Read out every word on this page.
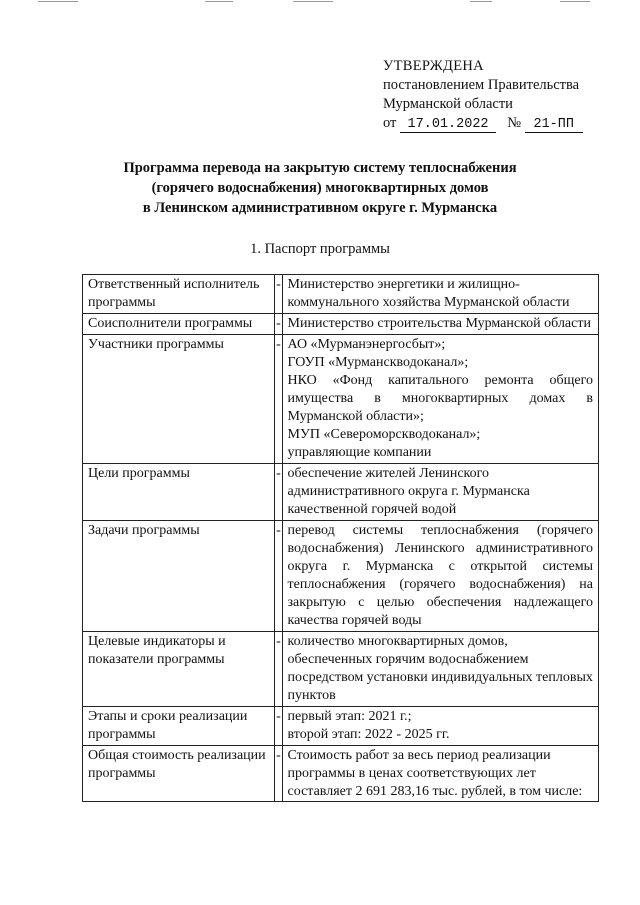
УТВЕРЖДЕНА
постановлением Правительства
Мурманской области
от 17.01.2022 № 21-ПП
Программа перевода на закрытую систему теплоснабжения
(горячего водоснабжения) многоквартирных домов
в Ленинском административном округе г. Мурманска
1. Паспорт программы
Ответственный исполнитель программы	-	Министерство энергетики и жилищно-коммунального хозяйства Мурманской области

Соисполнители программы	-	Министерство строительства Мурманской области

Участники программы	-	АО «Мурманэнергосбыт»;
ГОУП «Мурманскводоканал»;
НКО «Фонд капитального ремонта общего имущества в многоквартирных домах в Мурманской области»;
МУП «Североморскводоканал»;
управляющие компании

Цели программы	-	обеспечение жителей Ленинского административного округа г. Мурманска качественной горячей водой

Задачи программы	-	перевод системы теплоснабжения (горячего водоснабжения) Ленинского административного округа г. Мурманска с открытой системы теплоснабжения (горячего водоснабжения) на закрытую с целью обеспечения надлежащего качества горячей воды

Целевые индикаторы и показатели программы	-	количество многоквартирных домов, обеспеченных горячим водоснабжением посредством установки индивидуальных тепловых пунктов

Этапы и сроки реализации программы	-	первый этап: 2021 г.;
второй этап: 2022 - 2025 гг.

Общая стоимость реализации программы	-	Стоимость работ за весь период реализации программы в ценах соответствующих лет составляет 2 691 283,16 тыс. рублей, в том числе:
